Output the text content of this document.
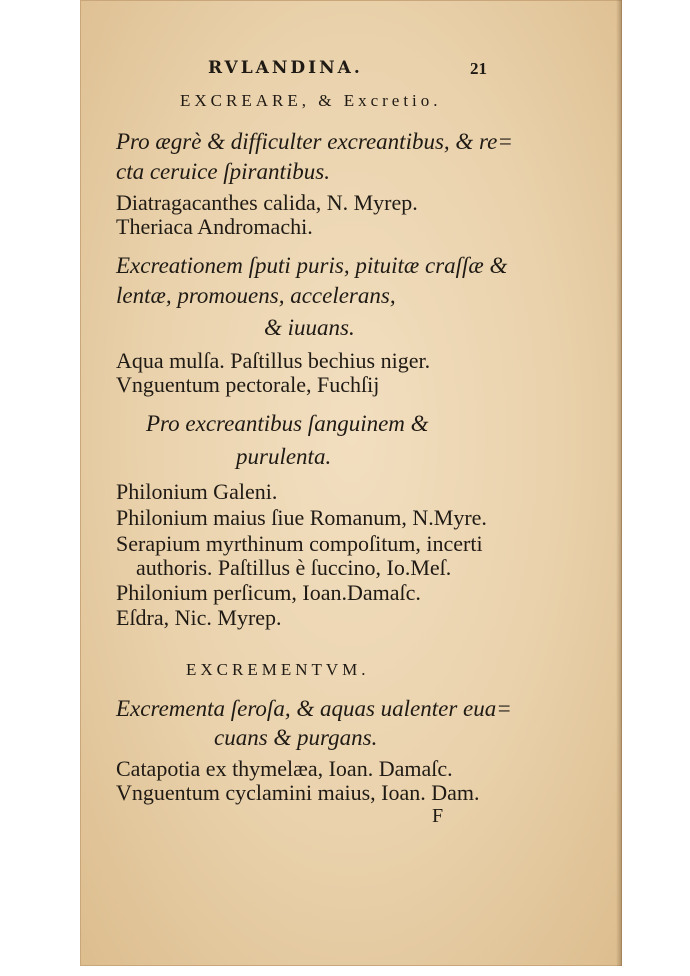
RVLANDINA.	21
EXCREARE, & Excretio.
Pro ægrè & difficulter excreantibus, & re=
cta ceruice ſpirantibus.
Diatragacanthes calida, N. Myrep.
Theriaca Andromachi.
Excreationem ſputi puris, pituitæ craſſæ &
lentæ, promouens, accelerans,
& iuuans.
Aqua mulſa. Paſtillus bechius niger.
Vnguentum pectorale, Fuchſij
Pro excreantibus ſanguinem &
purulenta.
Philonium Galeni.
Philonium maius ſiue Romanum, N.Myre.
Serapium myrthinum compoſitum, incerti
authoris. Paſtillus è ſuccino, Io.Meſ.
Philonium perſicum, Ioan.Damaſc.
Eſdra, Nic. Myrep.
EXCREMENTVM.
Excrementa ſeroſa, & aquas ualenter eua=
cuans & purgans.
Catapotia ex thymelæa, Ioan. Damaſc.
Vnguentum cyclamini maius, Ioan. Dam.
F
